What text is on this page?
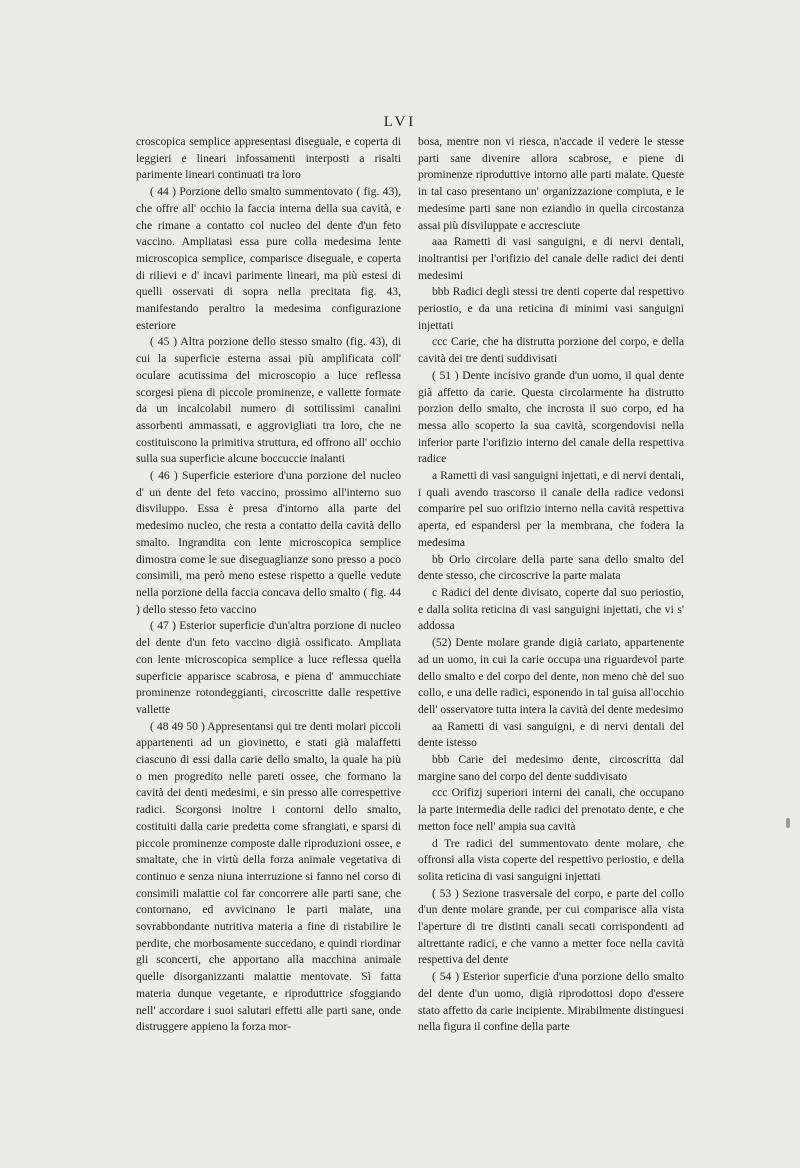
LVI

croscopica semplice appresentasi diseguale, e coperta di leggieri e lineari infossamenti interposti a risalti parimente lineari continuati tra loro

( 44 ) Porzione dello smalto summentovato ( fig. 43), che offre all' occhio la faccia interna della sua cavità, e che rimane a contatto col nucleo del dente d'un feto vaccino. Ampliatasi essa pure colla medesima lente microscopica semplice, comparisce diseguale, e coperta di rilievi e d' incavi parimente lineari, ma più estesi di quelli osservati di sopra nella precitata fig. 43, manifestando peraltro la medesima configurazione esteriore

( 45 ) Altra porzione dello stesso smalto (fig. 43), di cui la superficie esterna assai più amplificata coll' oculare acutissima del microscopio a luce reflessa scorgesi piena di piccole prominenze, e vallette formate da un incalcolabil numero di sottilissimi canalini assorbenti ammassati, e aggrovigliati tra loro, che ne costituiscono la primitiva struttura, ed offrono all' occhio sulla sua superficie alcune boccuccie inalanti

( 46 ) Superficie esteriore d'una porzione del nucleo d' un dente del feto vaccino, prossimo all'interno suo disviluppo. Essa è presa d'intorno alla parte del medesimo nucleo, che resta a contatto della cavità dello smalto. Ingrandita con lente microscopica semplice dimostra come le sue diseguaglianze sono presso a poco consimili, ma però meno estese rispetto a quelle vedute nella porzione della faccia concava dello smalto ( fig. 44 ) dello stesso feto vaccino

( 47 ) Esterior superficie d'un'altra porzione di nucleo del dente d'un feto vaccino digià ossificato. Ampliata con lente microscopica semplice a luce reflessa quella superficie apparisce scabrosa, e piena d' ammucchiate prominenze rotondeggianti, circoscritte dalle respettive vallette

( 48 49 50 ) Appresentansi qui tre denti molari piccoli appartenenti ad un giovinetto, e stati già malaffetti ciascuno di essi dalla carie dello smalto, la quale ha più o men progredito nelle pareti ossee, che formano la cavità dei denti medesimi, e sin presso alle correspettive radici. Scorgonsi inoltre i contorni dello smalto, costituiti dalla carie predetta come sfrangiati, e sparsi di piccole prominenze composte dalle riproduzioni ossee, e smaltate, che in virtù della forza animale vegetativa di continuo e senza niuna interruzione si fanno nel corso di consimili malattie col far concorrere alle parti sane, che contornano, ed avvicinano le parti malate, una sovrabbondante nutritiva materia a fine di ristabilire le perdite, che morbosamente succedano, e quindi riordinar gli sconcerti, che apportano alla macchina animale quelle disorganizzanti malattie mentovate. Sì fatta materia dunque vegetante, e riproduttrice sfoggiando nell' accordare i suoi salutari effetti alle parti sane, onde distruggere appieno la forza mor-

bosa, mentre non vi riesca, n'accade il vedere le stesse parti sane divenire allora scabrose, e piene di prominenze riproduttive intorno alle parti malate. Queste in tal caso presentano un' organizzazione compiuta, e le medesime parti sane non eziandio in quella circostanza assai più disviluppate e accresciute

aaa Rametti di vasi sanguigni, e di nervi dentali, inoltrantisi per l'orifizio del canale delle radici dei denti medesimi

bbb Radici degli stessi tre denti coperte dal respettivo periostio, e da una reticina di minimi vasi sanguigni injettati

ccc Carie, che ha distrutta porzione del corpo, e della cavità dei tre denti suddivisati

( 51 ) Dente incisivo grande d'un uomo, il qual dente già affetto da carie. Questa circolarmente ha distrutto porzion dello smalto, che incrosta il suo corpo, ed ha messa allo scoperto la sua cavità, scorgendovisi nella inferior parte l'orifizio interno del canale della respettiva radice

a Rametti di vasi sanguigni injettati, e di nervi dentali, i quali avendo trascorso il canale della radice vedonsi comparire pel suo orifizio interno nella cavità respettiva aperta, ed espandersi per la membrana, che fodera la medesima

bb Orlo circolare della parte sana dello smalto del dente stesso, che circoscrive la parte malata

c Radici del dente divisato, coperte dal suo periostio, e dalla solita reticina di vasi sanguigni injettati, che vi s' addossa

(52) Dente molare grande digià cariato, appartenente ad un uomo, in cui la carie occupa una riguardevol parte dello smalto e del corpo del dente, non meno chè del suo collo, e una delle radici, esponendo in tal guisa all'occhio dell' osservatore tutta intera la cavità del dente medesimo

aa Rametti di vasi sanguigni, e di nervi dentali del dente istesso

bbb Carie del medesimo dente, circoscritta dal margine sano del corpo del dente suddivisato

ccc Orifizj superiori interni dei canali, che occupano la parte intermedia delle radici del prenotato dente, e che metton foce nell' ampia sua cavità

d Tre radici del summentovato dente molare, che offronsi alla vista coperte del respettivo periostio, e della solita reticina di vasi sanguigni injettati

( 53 ) Sezione trasversale del corpo, e parte del collo d'un dente molare grande, per cui comparisce alla vista l'aperture di tre distinti canali secati corrispondenti ad altrettante radici, e che vanno a metter foce nella cavità respettiva del dente

( 54 ) Esterior superficie d'una porzione dello smalto del dente d'un uomo, digià riprodottosi dopo d'essere stato affetto da carie incipiente. Mirabilmente distinguesi nella figura il confine della parte
